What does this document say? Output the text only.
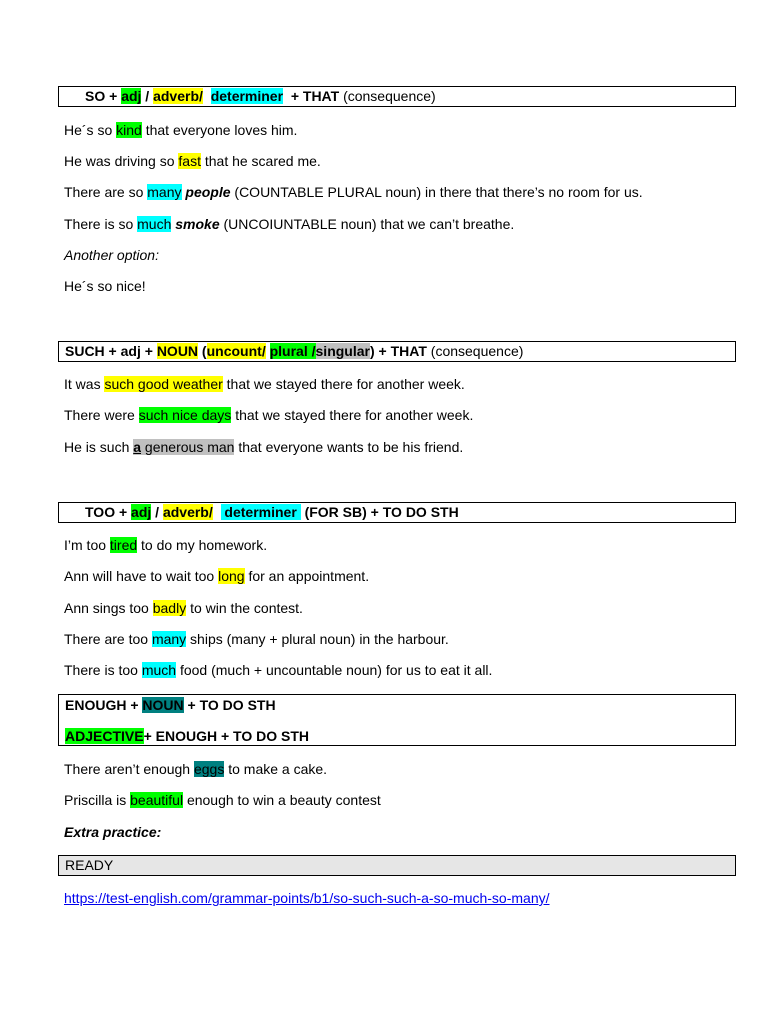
SO + adj / adverb/ determiner  + THAT (consequence)
He´s so kind that everyone loves him.
He was driving so fast that he scared me.
There are so many people (COUNTABLE PLURAL noun) in there that there’s no room for us.
There is so much smoke (UNCOIUNTABLE noun) that we can’t breathe.
Another option:
He´s so nice!
SUCH + adj + NOUN (uncount/ plural /singular) + THAT (consequence)
It was such good weather that we stayed there for another week.
There were such nice days that we stayed there for another week.
He is such a generous man that everyone wants to be his friend.
TOO + adj / adverb/   determiner  (FOR SB) + TO DO STH
I’m too tired to do my homework.
Ann will have to wait too long for an appointment.
Ann sings too badly to win the contest.
There are too many ships (many + plural noun) in the harbour.
There is too much food (much + uncountable noun) for us to eat it all.
ENOUGH + NOUN + TO DO STH
ADJECTIVE+ ENOUGH + TO DO STH
There aren’t enough eggs to make a cake.
Priscilla is beautiful enough to win a beauty contest
Extra practice:
READY
https://test-english.com/grammar-points/b1/so-such-such-a-so-much-so-many/
